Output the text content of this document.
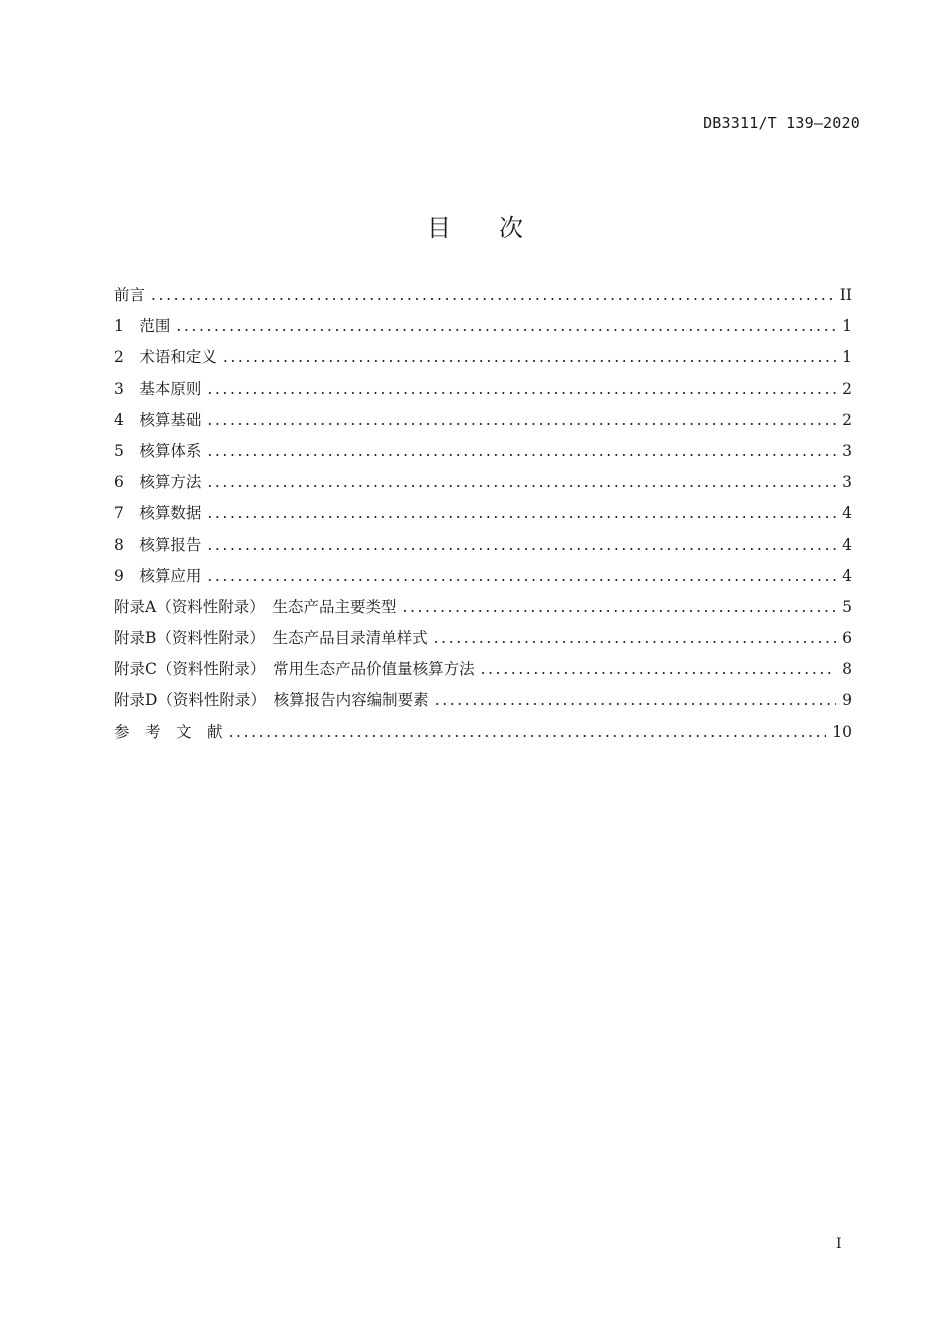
DB3311/T 139—2020
目　　次
前言 .....	II
1　范围 .....	1
2　术语和定义 .....	1
3　基本原则 .....	2
4　核算基础 .....	2
5　核算体系 .....	3
6　核算方法 .....	3
7　核算数据 .....	4
8　核算报告 .....	4
9　核算应用 .....	4
附录A（资料性附录）　生态产品主要类型 .....	5
附录B（资料性附录）　生态产品目录清单样式 .....	6
附录C（资料性附录）　常用生态产品价值量核算方法 .....	8
附录D（资料性附录）　核算报告内容编制要素 .....	9
参　考　文　献 .....	10
I
